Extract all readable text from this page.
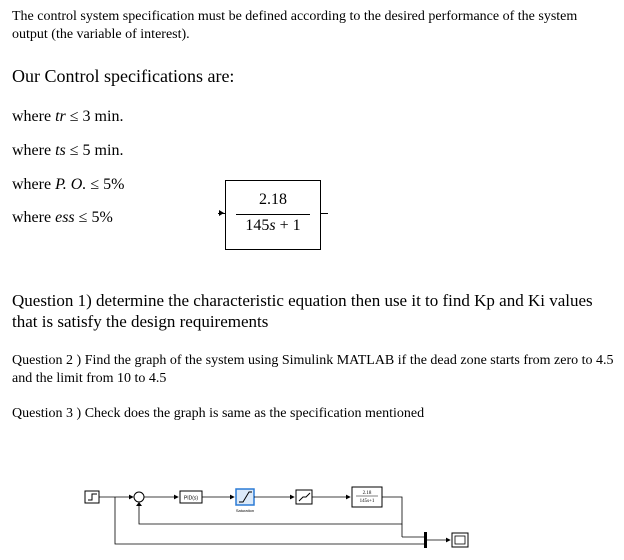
The control system specification must be defined according to the desired performance of the system output (the variable of interest).
Our Control specifications are:
where tr ≤ 3 min.
where ts ≤ 5 min.
where P. O. ≤ 5%
where ess ≤ 5%
2.18
145s + 1
Question 1) determine the characteristic equation then use it to find Kp and Ki values that is satisfy the design requirements
Question 2 ) Find the graph of the system using Simulink MATLAB if the dead zone starts from zero to 4.5 and the limit from 10 to 4.5
Question 3 ) Check does the graph is same as the specification mentioned
PID(s)
Saturation
2.18
145s+1
